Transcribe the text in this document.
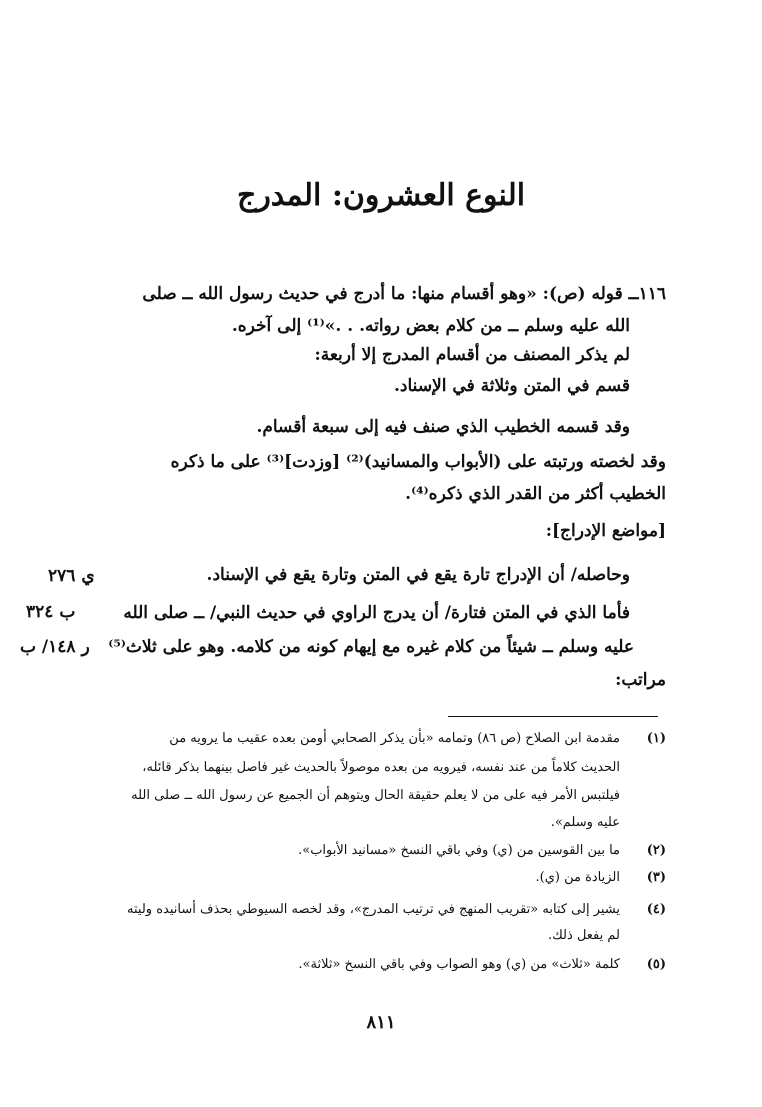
النوع العشرون: المدرج
١١٦ــ قوله (ص): «وهو أقسام منها: ما أدرج في حديث رسول الله ــ صلى
الله عليه وسلم ــ من كلام بعض رواته. . .»⁽¹⁾ إلى آخره.
لم يذكر المصنف من أقسام المدرج إلا أربعة:
قسم في المتن وثلاثة في الإسناد.
وقد قسمه الخطيب الذي صنف فيه إلى سبعة أقسام.
وقد لخصته ورتبته على (الأبواب والمسانيد)⁽²⁾ [وزدت]⁽³⁾ على ما ذكره
الخطيب أكثر من القدر الذي ذكره⁽⁴⁾.
[مواضع الإدراج]:
وحاصله/ أن الإدراج تارة يقع في المتن وتارة يقع في الإسناد.
فأما الذي في المتن فتارة/ أن يدرج الراوي في حديث النبي/ ــ صلى الله
عليه وسلم ــ شيئاً من كلام غيره مع إيهام كونه من كلامه. وهو على ثلاث⁽⁵⁾
مراتب:
ي ٢٧٦
ب ٣٢٤
ر ١٤٨/ ب
(١)
مقدمة ابن الصلاح (ص ٨٦) وتمامه «بأن يذكر الصحابي أومن بعده عقيب ما يرويه من
الحديث كلاماً من عند نفسه، فيرويه من بعده موصولاً بالحديث غير فاصل بينهما بذكر قائله،
فيلتبس الأمر فيه على من لا يعلم حقيقة الحال ويتوهم أن الجميع عن رسول الله ــ صلى الله
عليه وسلم».
(٢)
ما بين القوسين من (ي) وفي باقي النسخ «مسانيد الأبواب».
(٣)
الزيادة من (ي).
(٤)
يشير إلى كتابه «تقريب المنهج في ترتيب المدرج»، وقد لخصه السيوطي بحذف أسانيده وليته
لم يفعل ذلك.
(٥)
كلمة «ثلاث» من (ي) وهو الصواب وفي باقي النسخ «ثلاثة».
٨١١
